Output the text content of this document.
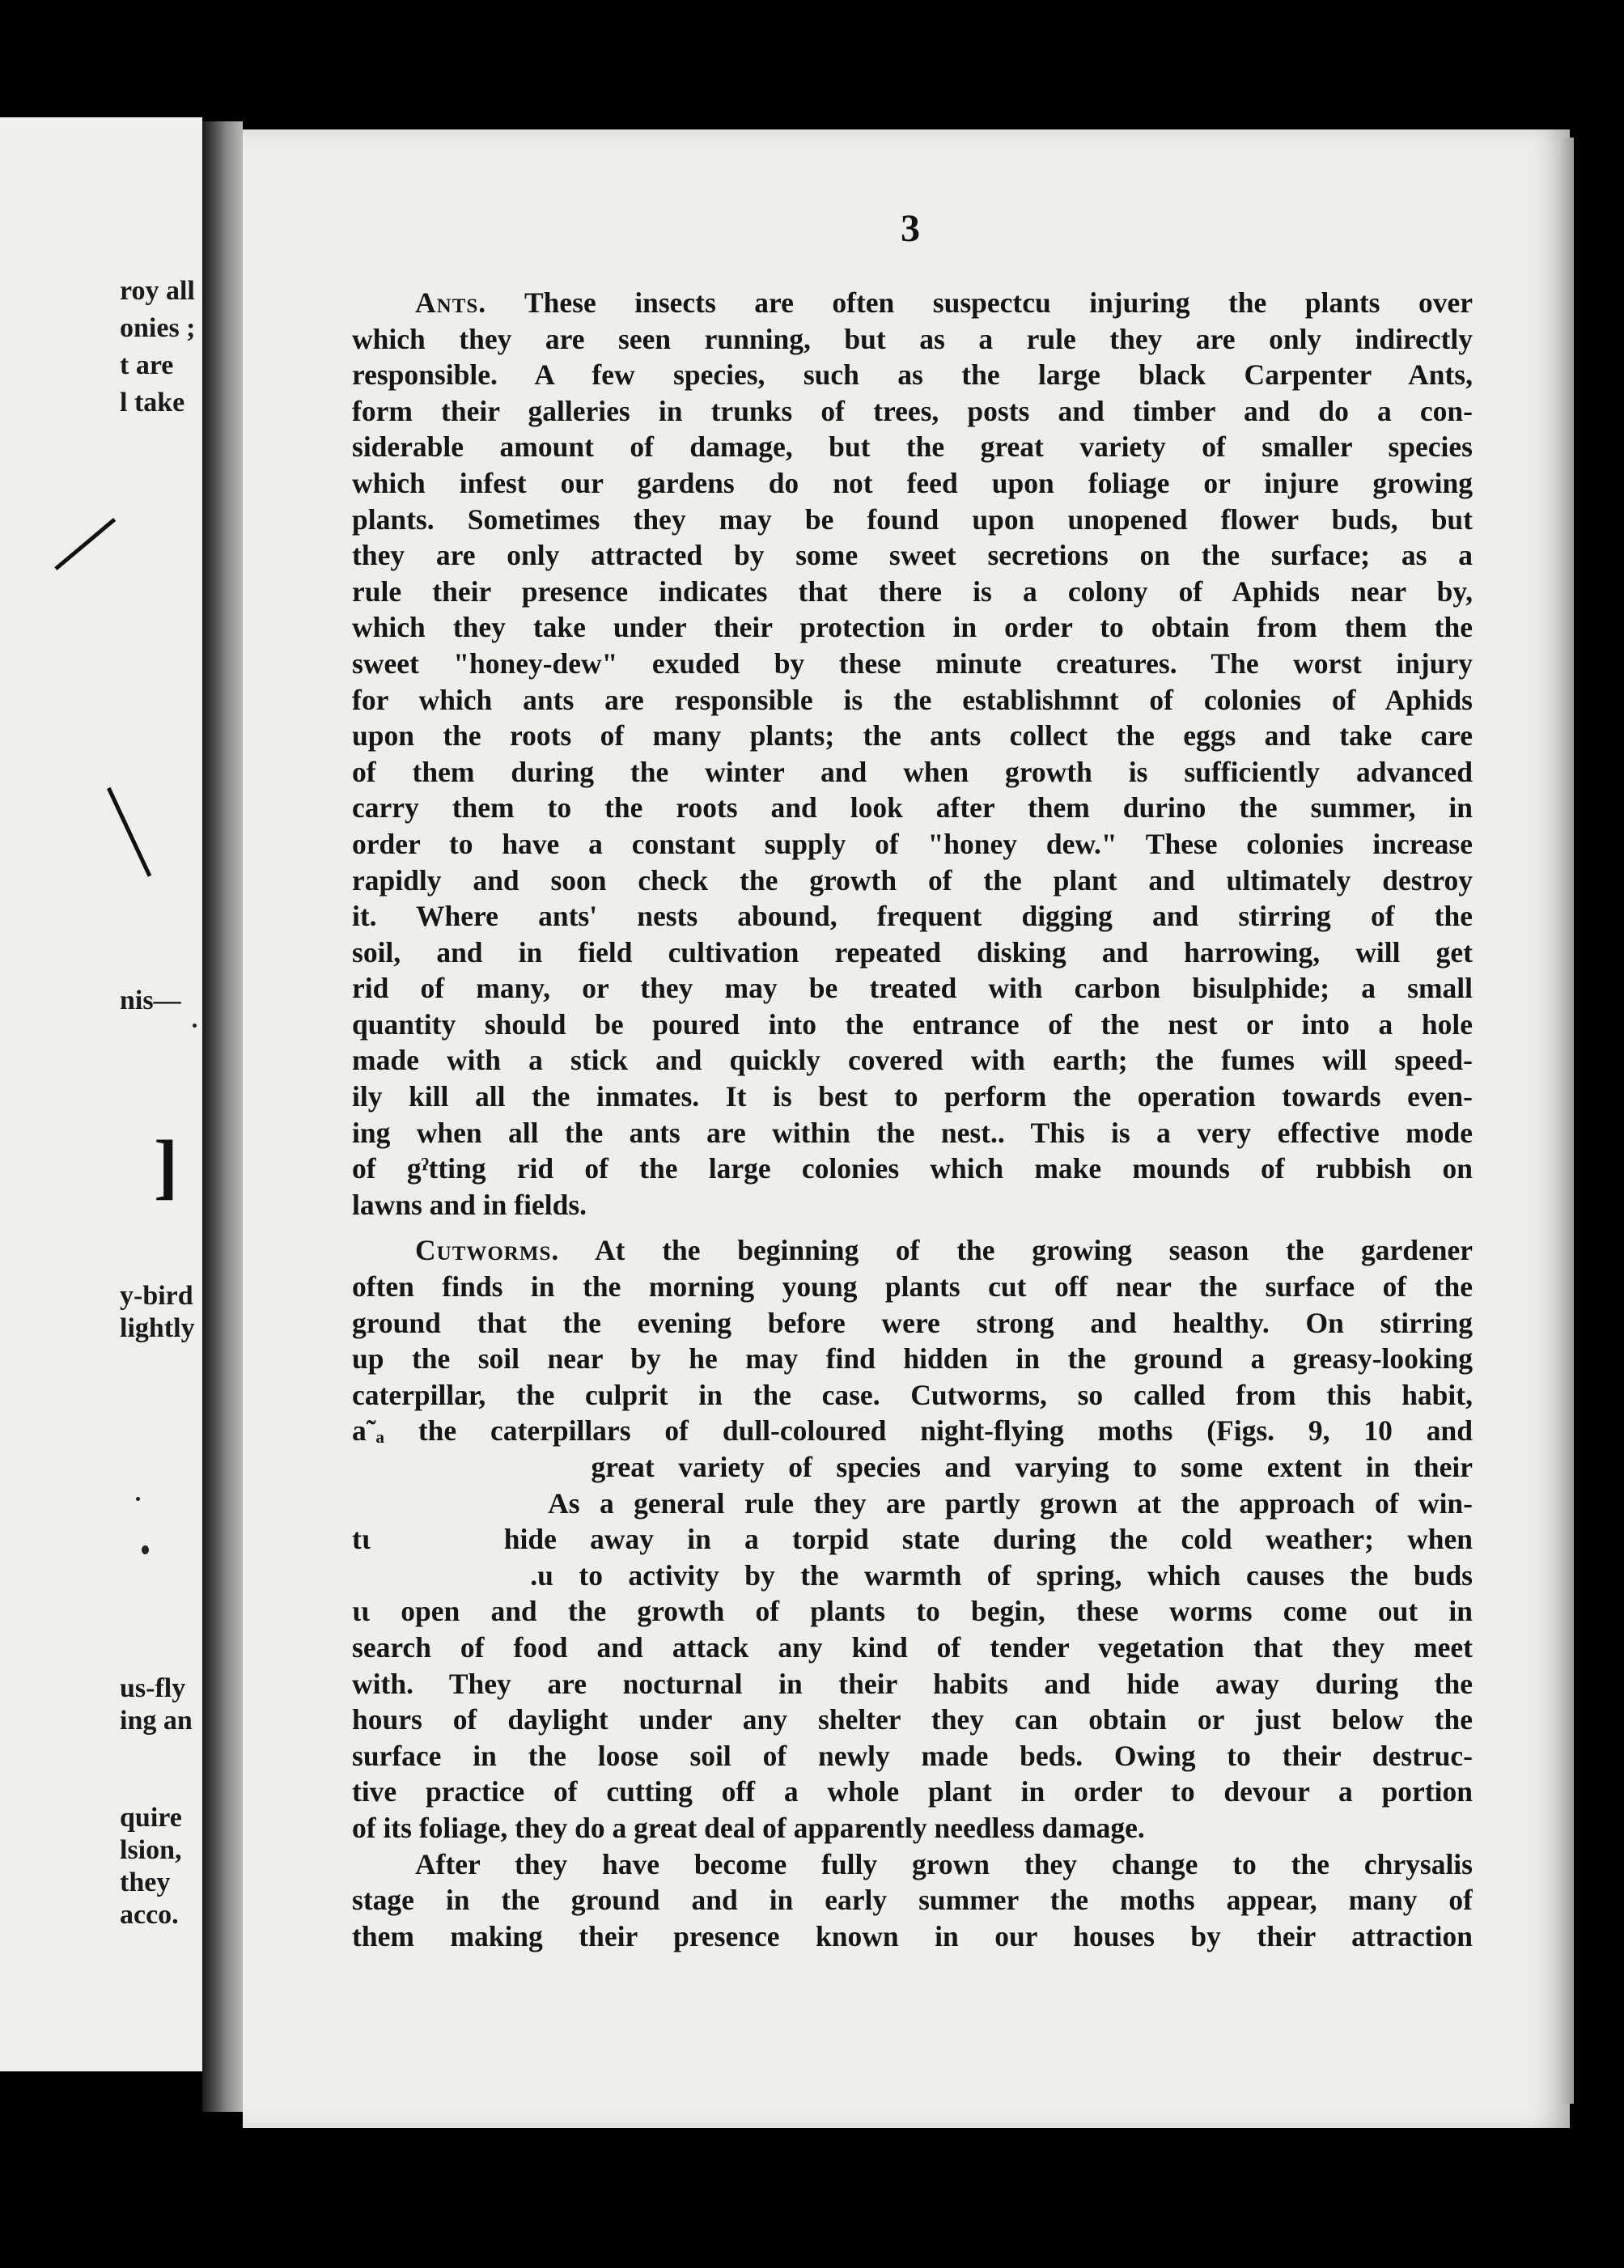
roy all
onies ;
t are
l take
nis—
]
y-bird
lightly
us-fly
ing an
quire
lsion,
they
acco.
3
Ants. These insects are often suspectcu injuring the plants over
which they are seen running, but as a rule they are only indirectly
responsible. A few species, such as the large black Carpenter Ants,
form their galleries in trunks of trees, posts and timber and do a con-
siderable amount of damage, but the great variety of smaller species
which infest our gardens do not feed upon foliage or injure growing
plants. Sometimes they may be found upon unopened flower buds, but
they are only attracted by some sweet secretions on the surface; as a
rule their presence indicates that there is a colony of Aphids near by,
which they take under their protection in order to obtain from them the
sweet "honey-dew" exuded by these minute creatures. The worst injury
for which ants are responsible is the establishmnt of colonies of Aphids
upon the roots of many plants; the ants collect the eggs and take care
of them during the winter and when growth is sufficiently advanced
carry them to the roots and look after them durino the summer, in
order to have a constant supply of "honey dew." These colonies increase
rapidly and soon check the growth of the plant and ultimately destroy
it. Where ants' nests abound, frequent digging and stirring of the
soil, and in field cultivation repeated disking and harrowing, will get
rid of many, or they may be treated with carbon bisulphide; a small
quantity should be poured into the entrance of the nest or into a hole
made with a stick and quickly covered with earth; the fumes will speed-
ily kill all the inmates. It is best to perform the operation towards even-
ing when all the ants are within the nest.. This is a very effective mode
of gˀtting rid of the large colonies which make mounds of rubbish on
lawns and in fields.
Cutworms. At the beginning of the growing season the gardener
often finds in the morning young plants cut off near the surface of the
ground that the evening before were strong and healthy. On stirring
up the soil near by he may find hidden in the ground a greasy-looking
caterpillar, the culprit in the case. Cutworms, so called from this habit,
a˜ₐ the caterpillars of dull-coloured night-flying moths (Figs. 9, 10 and
great variety of species and varying to some extent in their
As a general rule they are partly grown at the approach of win-
tɩ    hide away in a torpid state during the cold weather; when
.u to activity by the warmth of spring, which causes the buds
ɩɩ open and the growth of plants to begin, these worms come out in
search of food and attack any kind of tender vegetation that they meet
with. They are nocturnal in their habits and hide away during the
hours of daylight under any shelter they can obtain or just below the
surface in the loose soil of newly made beds. Owing to their destruc-
tive practice of cutting off a whole plant in order to devour a portion
of its foliage, they do a great deal of apparently needless damage.
After they have become fully grown they change to the chrysalis
stage in the ground and in early summer the moths appear, many of
them making their presence known in our houses by their attraction
